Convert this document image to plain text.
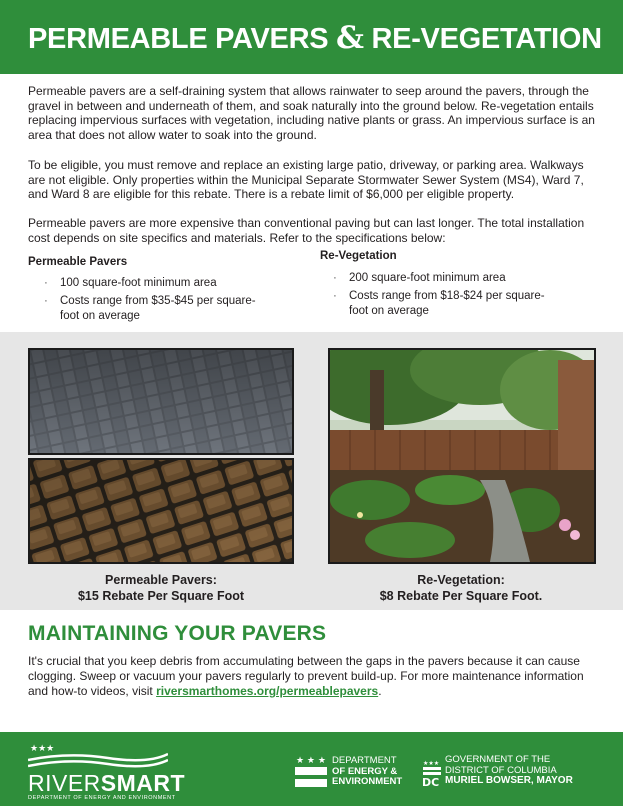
PERMEABLE PAVERS & RE-VEGETATION

Permeable pavers are a self-draining system that allows rainwater to seep around the pavers, through the gravel in between and underneath of them, and soak naturally into the ground below. Re-vegetation entails replacing impervious surfaces with vegetation, including native plants or grass. An impervious surface is an area that does not allow water to soak into the ground.

To be eligible, you must remove and replace an existing large patio, driveway, or parking area. Walkways are not eligible. Only properties within the Municipal Separate Stormwater Sewer System (MS4), Ward 7, and Ward 8 are eligible for this rebate. There is a rebate limit of $6,000 per eligible property.

Permeable pavers are more expensive than conventional paving but can last longer. The total installation cost depends on site specifics and materials. Refer to the specifications below:

Permeable Pavers
· 100 square-foot minimum area
· Costs range from $35-$45 per square-foot on average
Re-Vegetation
· 200 square-foot minimum area
· Costs range from $18-$24 per square-foot on average
Permeable Pavers:
$15 Rebate Per Square Foot
Re-Vegetation:
$8 Rebate Per Square Foot.
MAINTAINING YOUR PAVERS

It's crucial that you keep debris from accumulating between the gaps in the pavers because it can cause clogging. Sweep or vacuum your pavers regularly to prevent build-up. For more maintenance information and how-to videos, visit riversmarthomes.org/permeablepavers.

★★★
RIVERSMART
DEPARTMENT OF ENERGY AND ENVIRONMENT
★ ★ ★ DEPARTMENT
OF ENERGY &
ENVIRONMENT
★★★
DC
GOVERNMENT OF THE
DISTRICT OF COLUMBIA
MURIEL BOWSER, MAYOR
